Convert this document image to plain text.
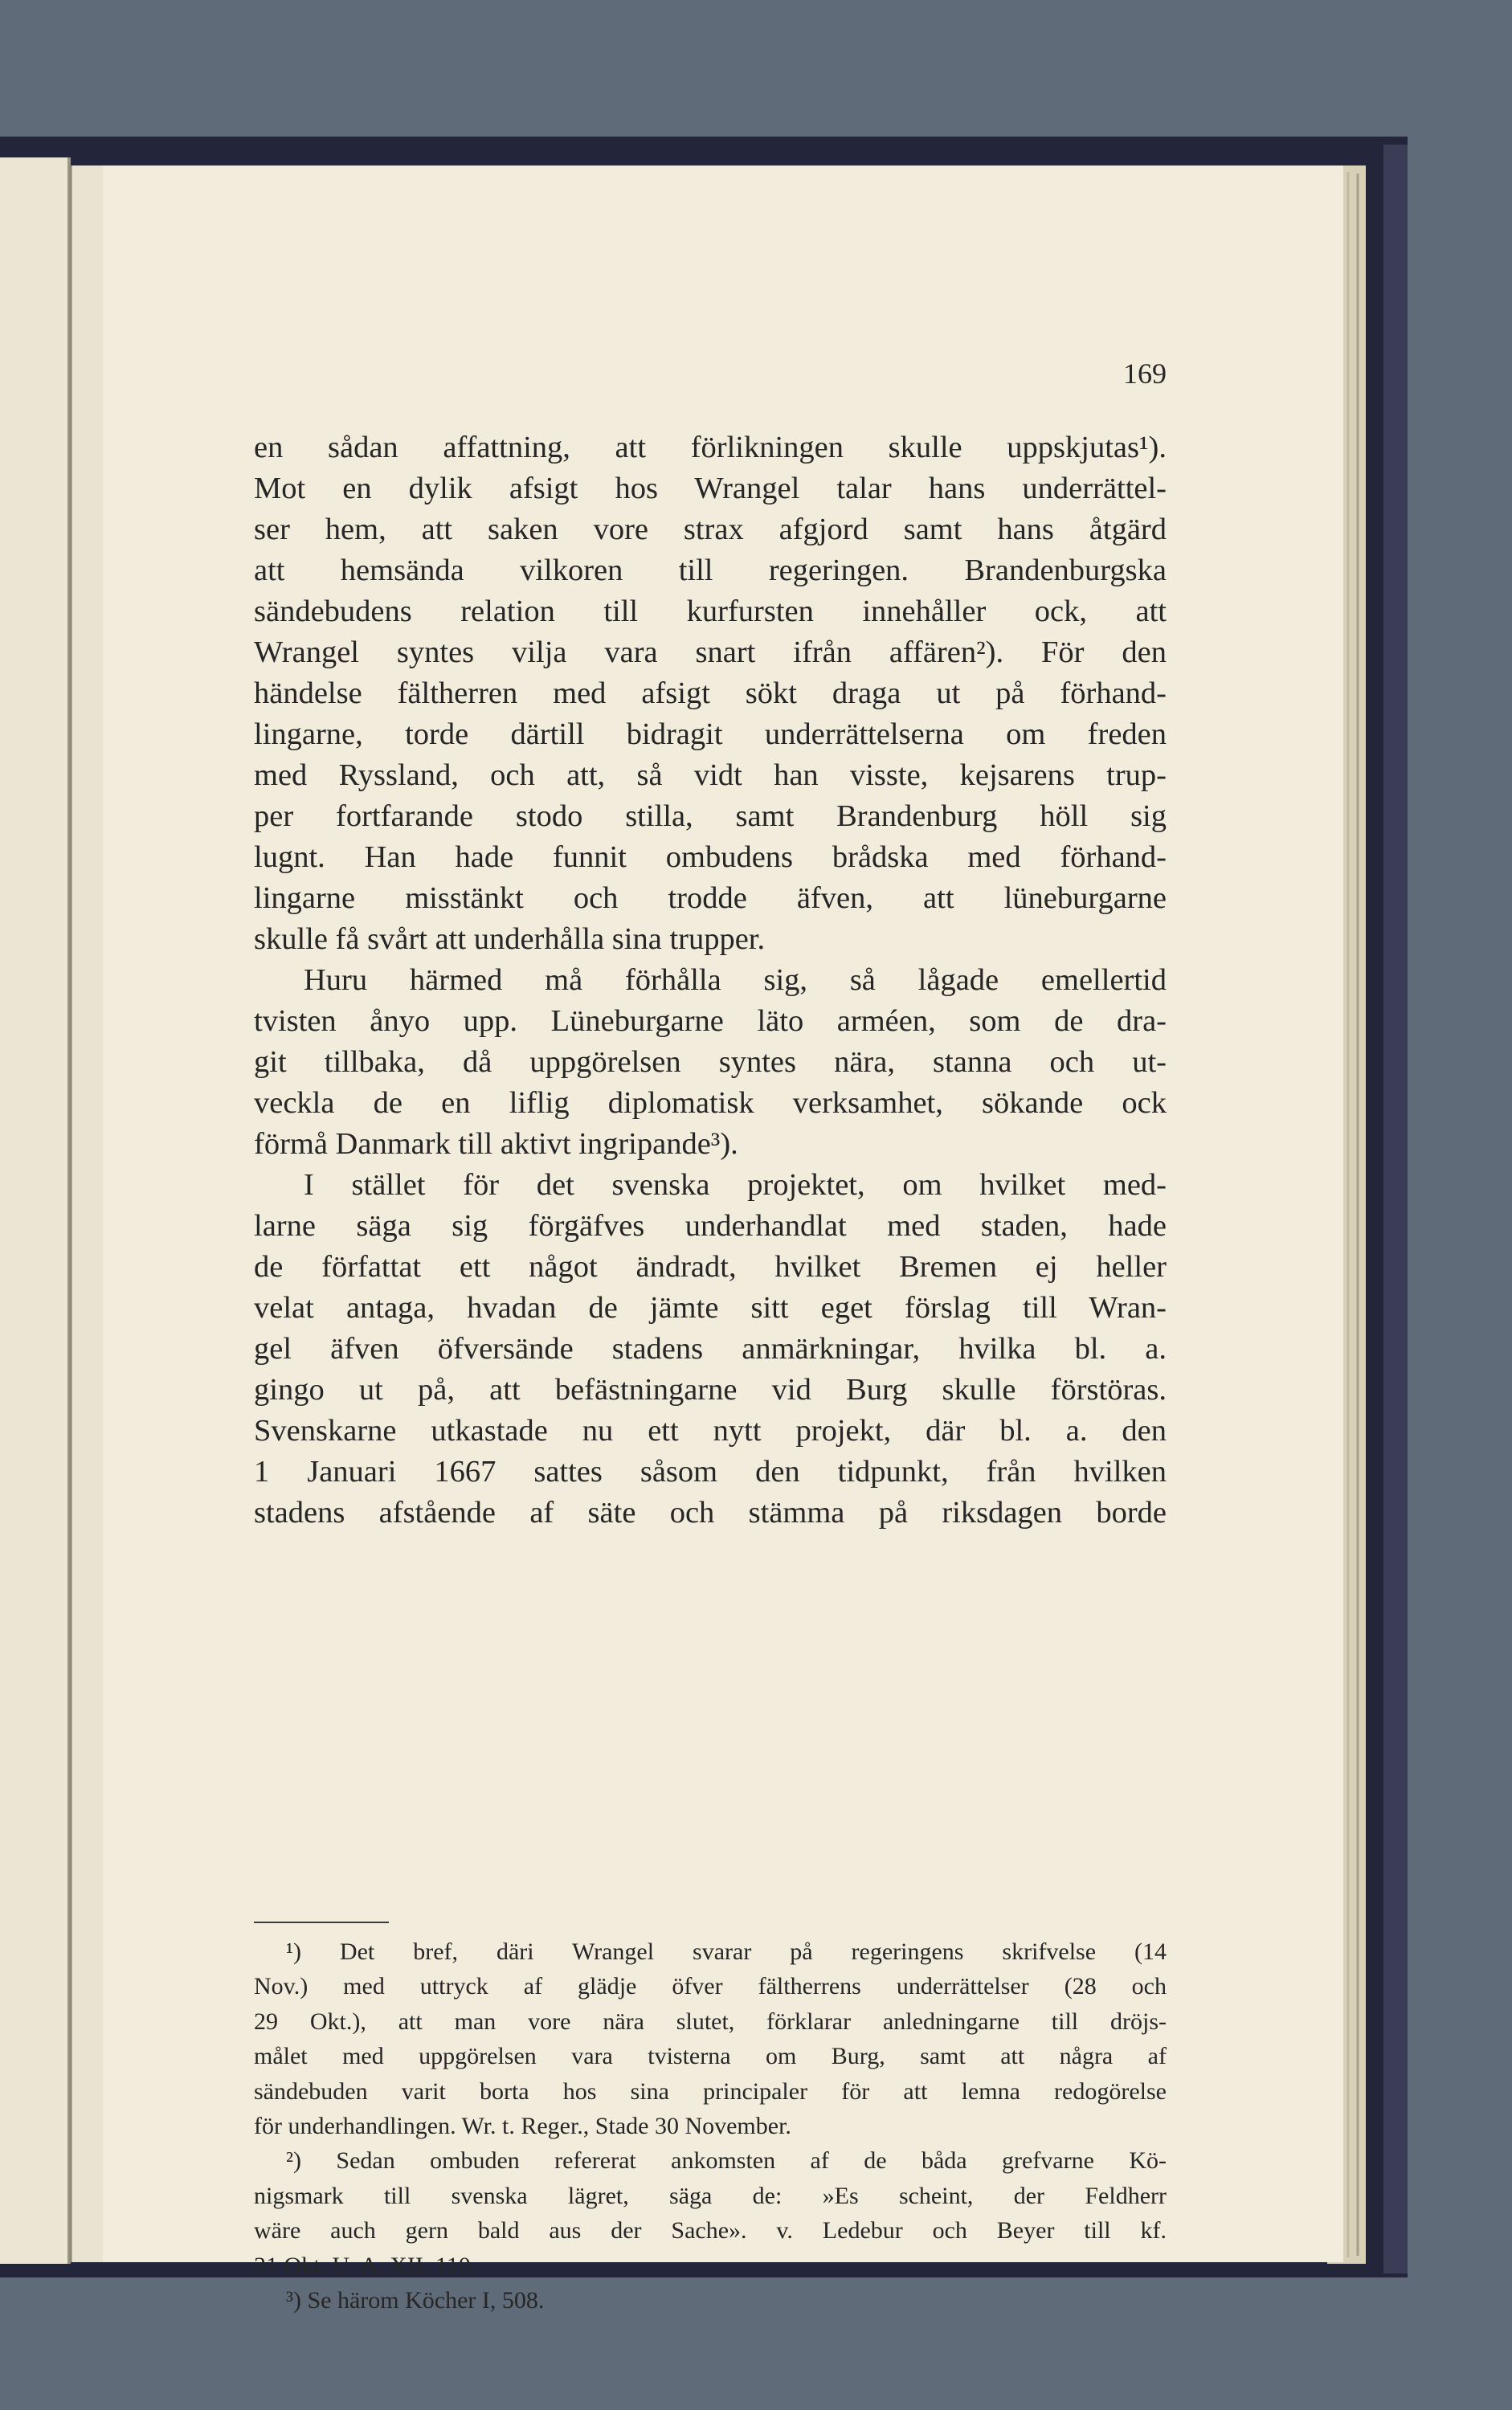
169

en sådan affattning, att förlikningen skulle uppskjutas¹).
Mot en dylik afsigt hos Wrangel talar hans underrättel-
ser hem, att saken vore strax afgjord samt hans åtgärd
att hemsända vilkoren till regeringen. Brandenburgska
sändebudens relation till kurfursten innehåller ock, att
Wrangel syntes vilja vara snart ifrån affären²). För den
händelse fältherren med afsigt sökt draga ut på förhand-
lingarne, torde därtill bidragit underrättelserna om freden
med Ryssland, och att, så vidt han visste, kejsarens trup-
per fortfarande stodo stilla, samt Brandenburg höll sig
lugnt. Han hade funnit ombudens brådska med förhand-
lingarne misstänkt och trodde äfven, att lüneburgarne
skulle få svårt att underhålla sina trupper.
Huru härmed må förhålla sig, så lågade emellertid
tvisten ånyo upp. Lüneburgarne läto arméen, som de dra-
git tillbaka, då uppgörelsen syntes nära, stanna och ut-
veckla de en liflig diplomatisk verksamhet, sökande ock
förmå Danmark till aktivt ingripande³).
I stället för det svenska projektet, om hvilket med-
larne säga sig förgäfves underhandlat med staden, hade
de författat ett något ändradt, hvilket Bremen ej heller
velat antaga, hvadan de jämte sitt eget förslag till Wran-
gel äfven öfversände stadens anmärkningar, hvilka bl. a.
gingo ut på, att befästningarne vid Burg skulle förstöras.
Svenskarne utkastade nu ett nytt projekt, där bl. a. den
1 Januari 1667 sattes såsom den tidpunkt, från hvilken
stadens afstående af säte och stämma på riksdagen borde
¹) Det bref, däri Wrangel svarar på regeringens skrifvelse (14
Nov.) med uttryck af glädje öfver fältherrens underrättelser (28 och
29 Okt.), att man vore nära slutet, förklarar anledningarne till dröjs-
målet med uppgörelsen vara tvisterna om Burg, samt att några af
sändebuden varit borta hos sina principaler för att lemna redogörelse
för underhandlingen. Wr. t. Reger., Stade 30 November.
²) Sedan ombuden refererat ankomsten af de båda grefvarne Kö-
nigsmark till svenska lägret, säga de: »Es scheint, der Feldherr
wäre auch gern bald aus der Sache». v. Ledebur och Beyer till kf.
31 Okt. U. A. XII. 110.
³) Se härom Köcher I, 508.
